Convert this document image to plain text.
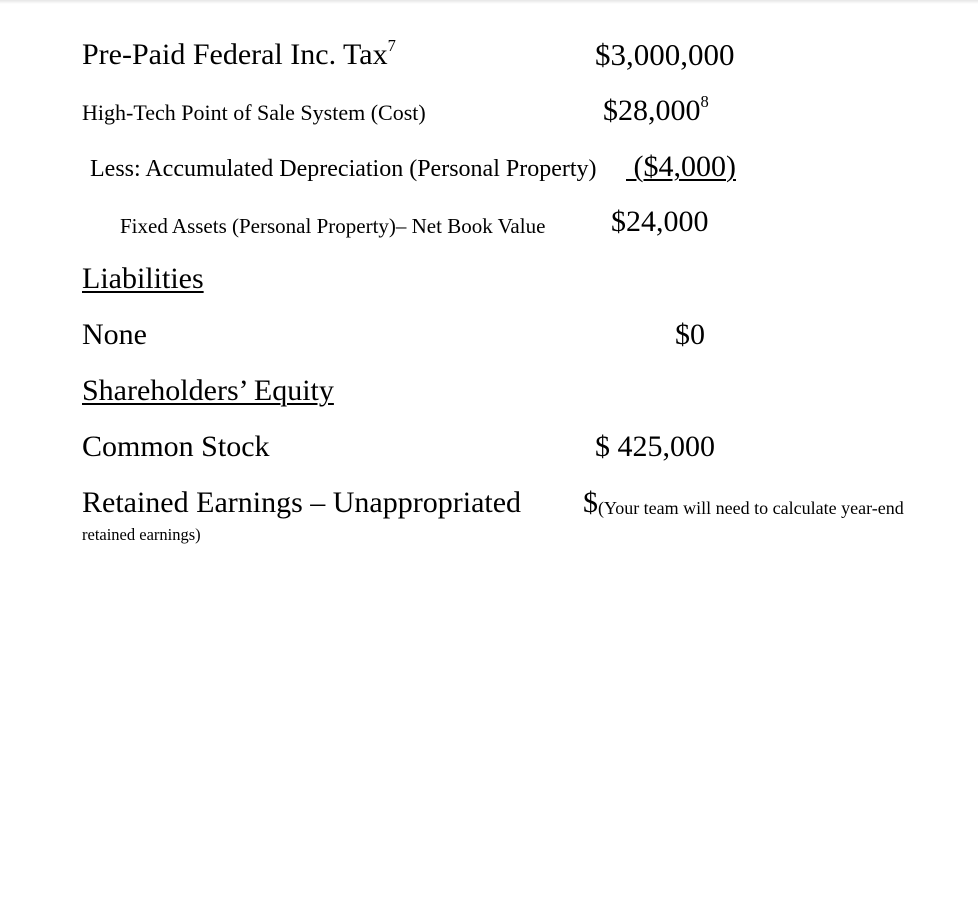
Pre-Paid Federal Inc. Tax$^7$	$3,000,000
High-Tech Point of Sale System (Cost)	$28,000$^8$
Less: Accumulated Depreciation (Personal Property) ($4,000)
Fixed Assets (Personal Property)– Net Book Value $24,000
Liabilities
None	$0
Shareholders’ Equity
Common Stock	$ 425,000
Retained Earnings – Unappropriated $ (Your team will need to calculate year-end
retained earnings)
